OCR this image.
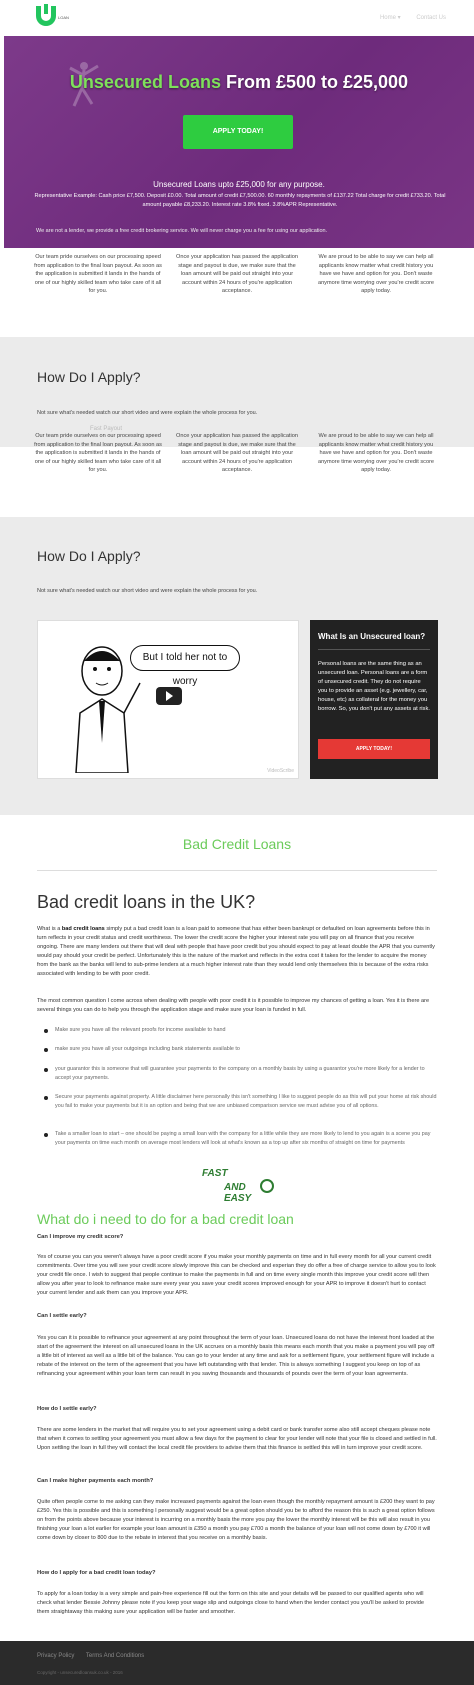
LOAN	Home ▾	Contact Us
Unsecured Loans From £500 to £25,000
APPLY TODAY!
Unsecured Loans upto £25,000 for any purpose.
Representative Example: Cash price £7,500. Deposit £0.00. Total amount of credit £7,500.00. 60 monthly repayments of £137.22 Total charge for credit £733.20. Total amount payable £8,233.20. Interest rate 3.8% fixed. 3.8%APR Representative.
We are not a lender, we provide a free credit brokering service. We will never charge you a fee for using our application.

Our team pride ourselves on our processing speed from application to the final loan payout. As soon as the application is submitted it lands in the hands of one of our highly skilled team who take care of it all for you.

Once your application has passed the application stage and payout is due, we make sure that the loan amount will be paid out straight into your account within 24 hours of you're application acceptance.

We are proud to be able to say we can help all applicants know matter what credit history you have we have and option for you. Don't waste anymore time worrying over you're credit score apply today.

How Do I Apply?

Not sure what's needed watch our short video and were explain the whole process for you.

Fast Payout

Our team pride ourselves on our processing speed from application to the final loan payout. As soon as the application is submitted it lands in the hands of one of our highly skilled team who take care of it all for you.

Once your application has passed the application stage and payout is due, we make sure that the loan amount will be paid out straight into your account within 24 hours of you're application acceptance.

We are proud to be able to say we can help all applicants know matter what credit history you have we have and option for you. Don't waste anymore time worrying over you're credit score apply today.

How Do I Apply?

Not sure what's needed watch our short video and were explain the whole process for you.

But I told her not to worry
VideoScribe
What Is an Unsecured loan?

Personal loans are the same thing as an unsecured loan. Personal loans are a form of unsecured credit. They do not require you to provide an asset (e.g. jewellery, car, house, etc) as collateral for the money you borrow. So, you don't put any assets at risk.

APPLY TODAY!
Bad Credit Loans
Bad credit loans in the UK?
What is a bad credit loans simply put a bad credit loan is a loan paid to someone that has either been bankrupt or defaulted on loan agreements before this in turn reflects in your credit status and credit worthiness. The lower the credit score the higher your interest rate you will pay on all finance that you receive ongoing. There are many lenders out there that will deal with people that have poor credit but you should expect to pay at least double the APR that you currently would pay should your credit be perfect. Unfortunately this is the nature of the market and reflects in the extra cost it takes for the lender to acquire the money from the bank as the banks will lend to sub-prime lenders at a much higher interest rate than they would lend only themselves this is because of the extra risks associated with lending to be with poor credit.
The most common question I come across when dealing with people with poor credit it is it possible to improve my chances of getting a loan. Yes it is there are several things you can do to help you through the application stage and make sure your loan is funded in full.
Make sure you have all the relevant proofs for income available to hand
make sure you have all your outgoings including bank statements available to
your guarantor this is someone that will guarantee your payments to the company on a monthly basis by using a guarantor you're more likely for a lender to accept your payments.
Secure your payments against property. A little disclaimer here personally this isn't something I like to suggest people do as this will put your home at risk should you fail to make your payments but it is an option and being that we are unbiased comparison service we must advise you of all options.
Take a smaller loan to start – one should be paying a small loan with the company for a little while they are more likely to lend to you again is a scene you pay your payments on time each month on average most lenders will look at what's known as a top up after six months of straight on time for payments
FAST
AND EASY
What do i need to do for a bad credit loan
Can I improve my credit score?
Yes of course you can you weren't always have a poor credit score if you make your monthly payments on time and in full every month for all your current credit commitments. Over time you will see your credit score slowly improve this can be checked and experian they do offer a free of charge service to allow you to look your credit file once. I wish to suggest that people continue to make the payments in full and on time every single month this improve your credit score will then allow you after year to look to refinance make sure every year you save your credit scores improved enough for your APR to improve it doesn't hurt to contact your current lender and ask them can you improve your APR.
Can I settle early?
Yes you can it is possible to refinance your agreement at any point throughout the term of your loan. Unsecured loans do not have the interest front loaded at the start of the agreement the interest on all unsecured loans in the UK accrues on a monthly basis this means each month that you make a payment you will pay off a little bit of interest as well as a little bit of the balance. You can go to your lender at any time and ask for a settlement figure, your settlement figure will include a rebate of the interest on the term of the agreement that you have left outstanding with that lender. This is always something I suggest you keep on top of as refinancing your agreement within your loan term can result in you saving thousands and thousands of pounds over the term of your loan agreements.
How do I settle early?
There are some lenders in the market that will require you to set your agreement using a debit card or bank transfer some also still accept cheques please note that when it comes to settling your agreement you must allow a few days for the payment to clear for your lender will note that your file is closed and settled in full. Upon settling the loan in full they will contact the local credit file providers to advise them that this finance is settled this will in turn improve your credit score.
Can I make higher payments each month?
Quite often people come to me asking can they make increased payments against the loan even though the monthly repayment amount is £200 they want to pay £250. Yes this is possible and this is something I personally suggest would be a great option should you be to afford the reason this is such a great option follows on from the points above because your interest is incurring on a monthly basis the more you pay the lower the monthly interest will be this will also result in you finishing your loan a lot earlier for example your loan amount is £350 a month you pay £700 a month the balance of your loan will not come down by £700 it will come down by closer to 800 due to the rebate in interest that you receive on a monthly basis.
How do I apply for a bad credit loan today?
To apply for a loan today is a very simple and pain-free experience fill out the form on this site and your details will be passed to our qualified agents who will check what lender Bessie Johnny please note if you keep your wage slip and outgoings close to hand when the lender contact you you'll be asked to provide them straightaway this making sure your application will be faster and smoother.
Privacy Policy Terms And Conditions
Copyright - unsecuredloansuk.co.uk - 2016
